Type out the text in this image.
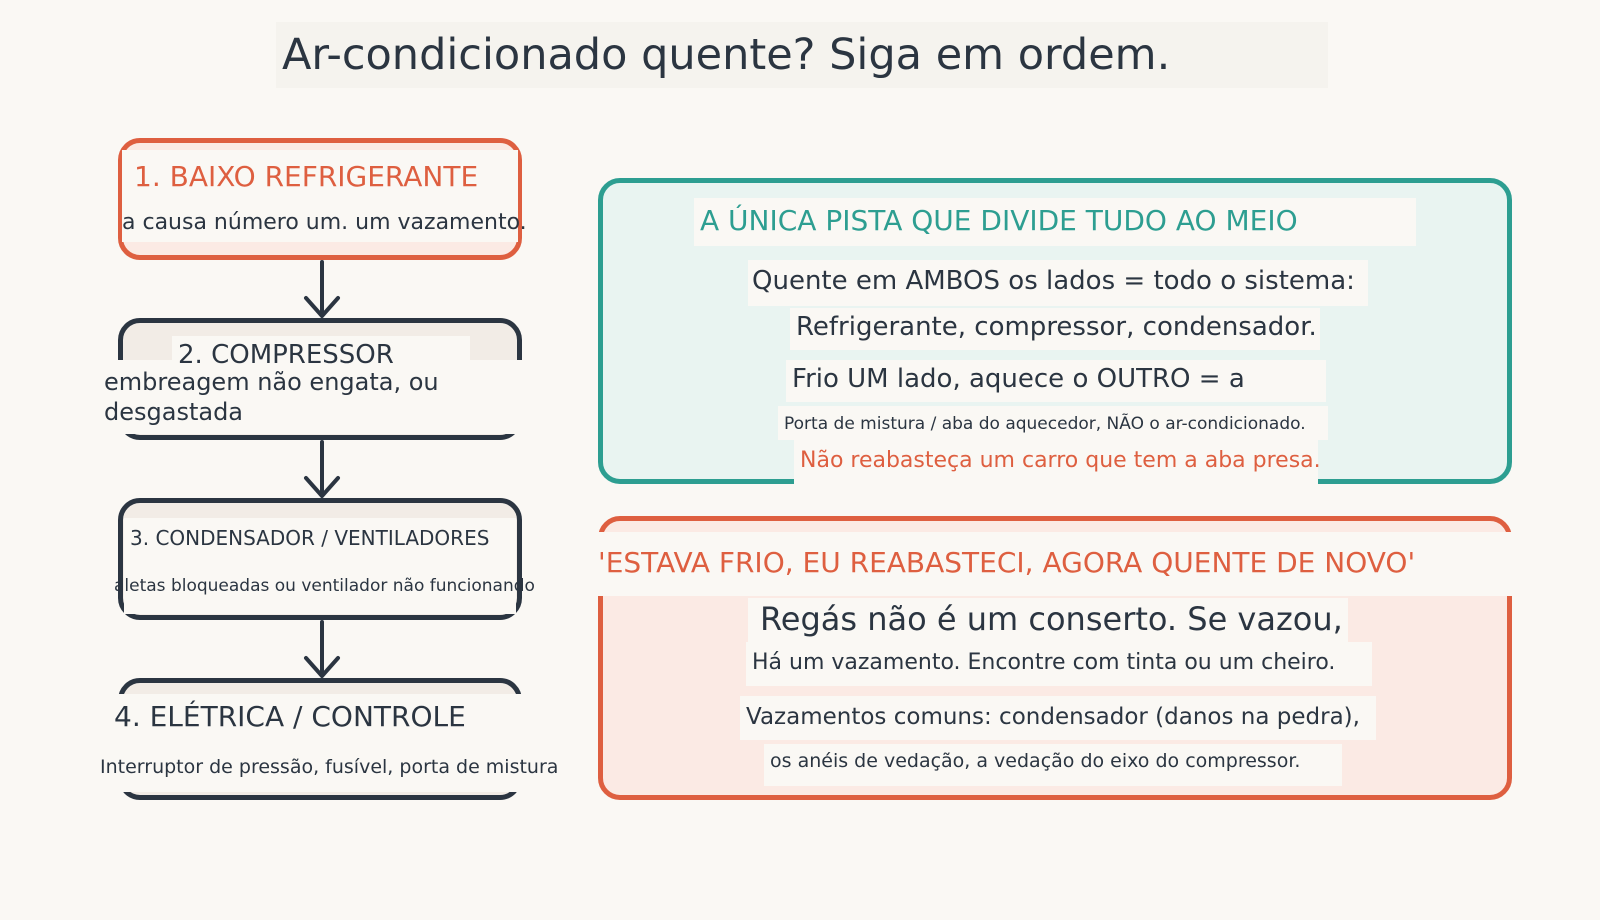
Ar-condicionado quente? Siga em ordem.
1. BAIXO REFRIGERANTE
a causa número um. um vazamento.
2. COMPRESSOR
embreagem não engata, ou
desgastada
3. CONDENSADOR / VENTILADORES
aletas bloqueadas ou ventilador não funcionando
4. ELÉTRICA / CONTROLE
Interruptor de pressão, fusível, porta de mistura
A ÚNICA PISTA QUE DIVIDE TUDO AO MEIO
Quente em AMBOS os lados = todo o sistema:
Refrigerante, compressor, condensador.
Frio UM lado, aquece o OUTRO = a
Porta de mistura / aba do aquecedor, NÃO o ar-condicionado.
Não reabasteça um carro que tem a aba presa.
'ESTAVA FRIO, EU REABASTECI, AGORA QUENTE DE NOVO'
Regás não é um conserto. Se vazou,
Há um vazamento. Encontre com tinta ou um cheiro.
Vazamentos comuns: condensador (danos na pedra),
os anéis de vedação, a vedação do eixo do compressor.
